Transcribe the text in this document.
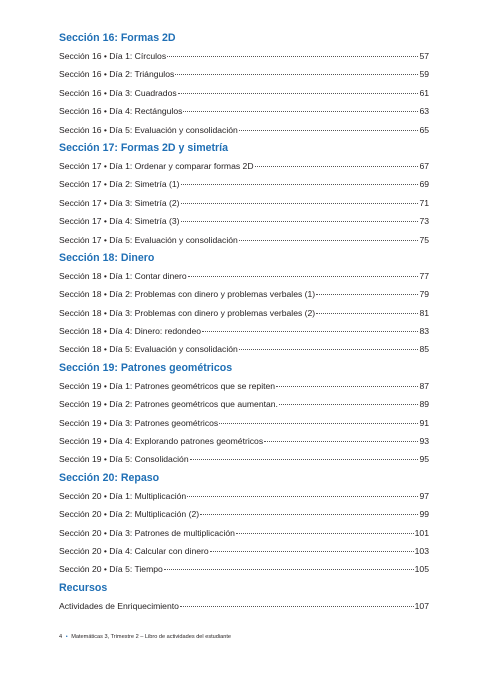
Sección 16: Formas 2D
Sección 16 • Día 1: Círculos	57
Sección 16 • Día 2: Triángulos	59
Sección 16 • Día 3: Cuadrados	61
Sección 16 • Día 4: Rectángulos	63
Sección 16 • Día 5: Evaluación y consolidación	65
Sección 17: Formas 2D y simetría
Sección 17 • Día 1: Ordenar y comparar formas 2D	67
Sección 17 • Día 2: Simetría (1)	69
Sección 17 • Día 3: Simetría (2)	71
Sección 17 • Día 4: Simetría (3)	73
Sección 17 • Día 5: Evaluación y consolidación	75
Sección 18: Dinero
Sección 18 • Día 1: Contar dinero	77
Sección 18 • Día 2: Problemas con dinero y problemas verbales (1)	79
Sección 18 • Día 3: Problemas con dinero y problemas verbales (2)	81
Sección 18 • Día 4: Dinero: redondeo	83
Sección 18 • Día 5: Evaluación y consolidación	85
Sección 19: Patrones geométricos
Sección 19 • Día 1: Patrones geométricos que se repiten	87
Sección 19 • Día 2: Patrones geométricos que aumentan.	89
Sección 19 • Día 3: Patrones geométricos	91
Sección 19 • Día 4: Explorando patrones geométricos	93
Sección 19 • Día 5: Consolidación	95
Sección 20: Repaso
Sección 20 • Día 1: Multiplicación	97
Sección 20 • Día 2: Multiplicación (2)	99
Sección 20 • Día 3: Patrones de multiplicación	101
Sección 20 • Día 4: Calcular con dinero	103
Sección 20 • Día 5: Tiempo	105
Recursos
Actividades de Enriquecimiento	107
4 • Matemáticas 3, Trimestre 2 – Libro de actividades del estudiante
